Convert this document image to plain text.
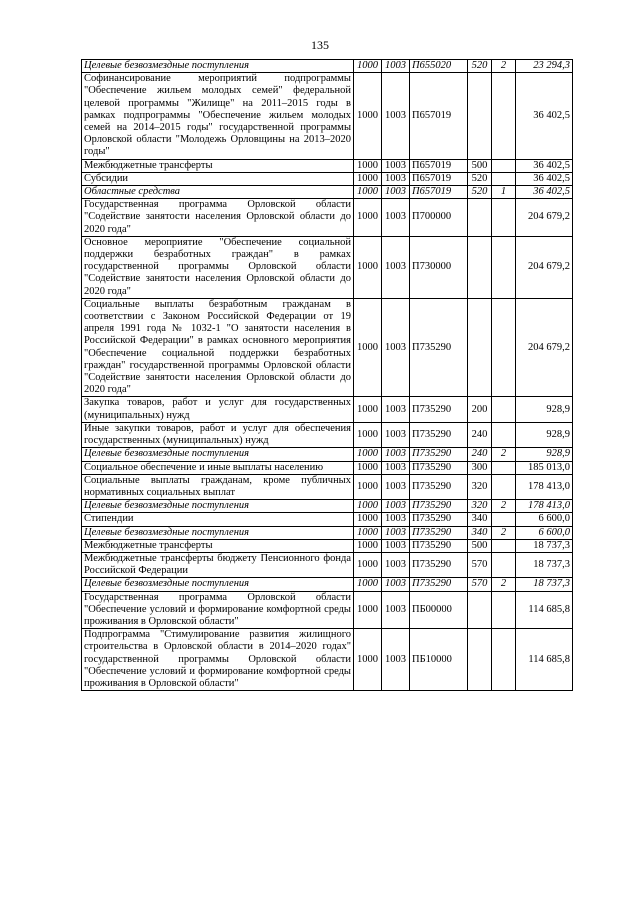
135
Целевые безвозмездные поступления	1000	1003	П655020	520	2	23 294,3
Софинансирование мероприятий подпрограммы "Обеспечение жильем молодых семей" федеральной целевой программы "Жилище" на 2011–2015 годы в рамках подпрограммы "Обеспечение жильем молодых семей на 2014–2015 годы" государственной программы Орловской области "Молодежь Орловщины на 2013–2020 годы"	1000	1003	П657019			36 402,5
Межбюджетные трансферты	1000	1003	П657019	500		36 402,5
Субсидии	1000	1003	П657019	520		36 402,5
Областные средства	1000	1003	П657019	520	1	36 402,5
Государственная программа Орловской области "Содействие занятости населения Орловской области до 2020 года"	1000	1003	П700000			204 679,2
Основное мероприятие "Обеспечение социальной поддержки безработных граждан" в рамках государственной программы Орловской области "Содействие занятости населения Орловской области до 2020 года"	1000	1003	П730000			204 679,2
Социальные выплаты безработным гражданам в соответствии с Законом Российской Федерации от 19 апреля 1991 года № 1032-1 "О занятости населения в Российской Федерации" в рамках основного мероприятия "Обеспечение социальной поддержки безработных граждан" государственной программы Орловской области "Содействие занятости населения Орловской области до 2020 года"	1000	1003	П735290			204 679,2
Закупка товаров, работ и услуг для государственных (муниципальных) нужд	1000	1003	П735290	200		928,9
Иные закупки товаров, работ и услуг для обеспечения государственных (муниципальных) нужд	1000	1003	П735290	240		928,9
Целевые безвозмездные поступления	1000	1003	П735290	240	2	928,9
Социальное обеспечение и иные выплаты населению	1000	1003	П735290	300		185 013,0
Социальные выплаты гражданам, кроме публичных нормативных социальных выплат	1000	1003	П735290	320		178 413,0
Целевые безвозмездные поступления	1000	1003	П735290	320	2	178 413,0
Стипендии	1000	1003	П735290	340		6 600,0
Целевые безвозмездные поступления	1000	1003	П735290	340	2	6 600,0
Межбюджетные трансферты	1000	1003	П735290	500		18 737,3
Межбюджетные трансферты бюджету Пенсионного фонда Российской Федерации	1000	1003	П735290	570		18 737,3
Целевые безвозмездные поступления	1000	1003	П735290	570	2	18 737,3
Государственная программа Орловской области "Обеспечение условий и формирование комфортной среды проживания в Орловской области"	1000	1003	ПБ00000			114 685,8
Подпрограмма "Стимулирование развития жилищного строительства в Орловской области в 2014–2020 годах" государственной программы Орловской области "Обеспечение условий и формирование комфортной среды проживания в Орловской области"	1000	1003	ПБ10000			114 685,8
